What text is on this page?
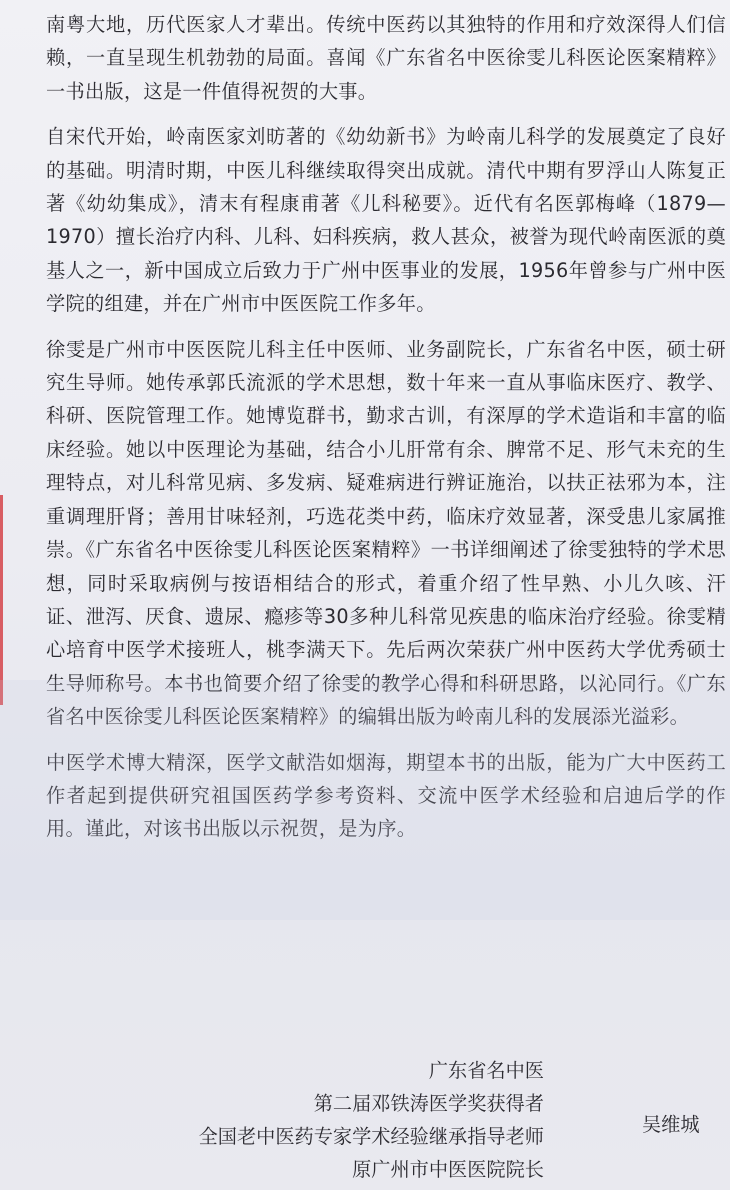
南粤大地，历代医家人才辈出。传统中医药以其独特的作用和疗效深得人们信赖，一直呈现生机勃勃的局面。喜闻《广东省名中医徐雯儿科医论医案精粹》一书出版，这是一件值得祝贺的大事。

自宋代开始，岭南医家刘昉著的《幼幼新书》为岭南儿科学的发展奠定了良好的基础。明清时期，中医儿科继续取得突出成就。清代中期有罗浮山人陈复正著《幼幼集成》，清末有程康甫著《儿科秘要》。近代有名医郭梅峰（1879—1970）擅长治疗内科、儿科、妇科疾病，救人甚众，被誉为现代岭南医派的奠基人之一，新中国成立后致力于广州中医事业的发展，1956年曾参与广州中医学院的组建，并在广州市中医医院工作多年。

徐雯是广州市中医医院儿科主任中医师、业务副院长，广东省名中医，硕士研究生导师。她传承郭氏流派的学术思想，数十年来一直从事临床医疗、教学、科研、医院管理工作。她博览群书，勤求古训，有深厚的学术造诣和丰富的临床经验。她以中医理论为基础，结合小儿肝常有余、脾常不足、形气未充的生理特点，对儿科常见病、多发病、疑难病进行辨证施治，以扶正祛邪为本，注重调理肝肾；善用甘味轻剂，巧选花类中药，临床疗效显著，深受患儿家属推崇。《广东省名中医徐雯儿科医论医案精粹》一书详细阐述了徐雯独特的学术思想，同时采取病例与按语相结合的形式，着重介绍了性早熟、小儿久咳、汗证、泄泻、厌食、遗尿、瘾疹等30多种儿科常见疾患的临床治疗经验。徐雯精心培育中医学术接班人，桃李满天下。先后两次荣获广州中医药大学优秀硕士生导师称号。本书也简要介绍了徐雯的教学心得和科研思路，以沁同行。《广东省名中医徐雯儿科医论医案精粹》的编辑出版为岭南儿科的发展添光溢彩。

中医学术博大精深，医学文献浩如烟海，期望本书的出版，能为广大中医药工作者起到提供研究祖国医药学参考资料、交流中医学术经验和启迪后学的作用。谨此，对该书出版以示祝贺，是为序。

广东省名中医
第二届邓铁涛医学奖获得者
全国老中医药专家学术经验继承指导老师
原广州市中医医院院长
吴维城
